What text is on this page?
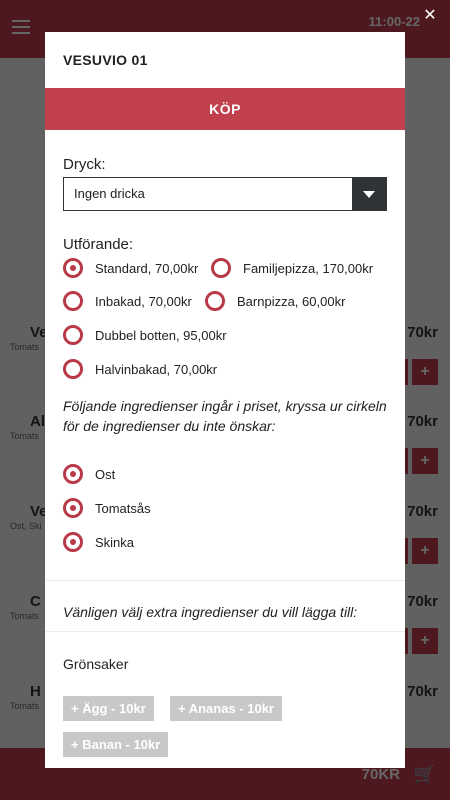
✕
VESUVIO 01
KÖP
Dryck:
Ingen dricka
Utförande:
Standard, 70,00kr	Familjepizza, 170,00kr
Inbakad, 70,00kr	Barnpizza, 60,00kr
Dubbel botten, 95,00kr
Halvinbakad, 70,00kr
Följande ingredienser ingår i priset, kryssa ur cirkeln för de ingredienser du inte önskar:
Ost
Tomatsås
Skinka
Vänligen välj extra ingredienser du vill lägga till:
Grönsaker
+ Ägg - 10kr	+ Ananas - 10kr
+ Banan - 10kr
